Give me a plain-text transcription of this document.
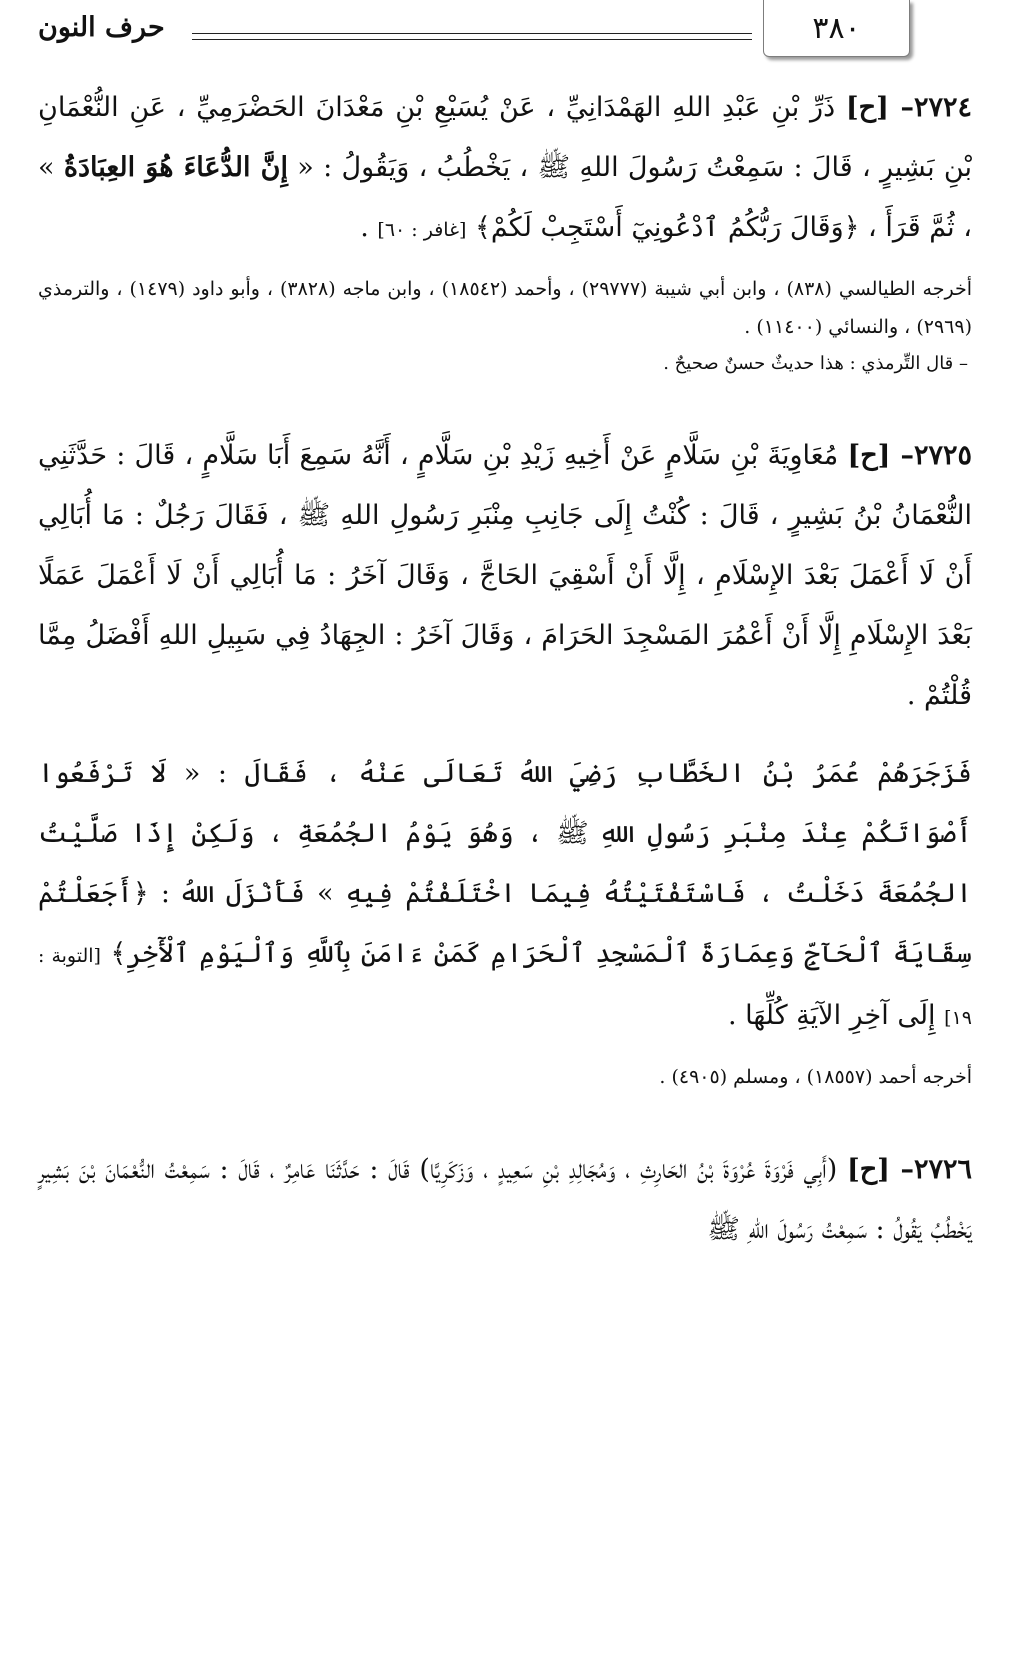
٣٨٠
حرف النون

٢٧٢٤– [ح] ذَرِّ بْنِ عَبْدِ اللهِ الهَمْدَانِيِّ ، عَنْ يُسَيْعِ بْنِ مَعْدَانَ الحَضْرَمِيِّ ، عَنِ النُّعْمَانِ بْنِ بَشِيرٍ ، قَالَ : سَمِعْتُ رَسُولَ اللهِ ﷺ ، يَخْطُبُ ، وَيَقُولُ : « إِنَّ الدُّعَاءَ هُوَ العِبَادَةُ » ، ثُمَّ قَرَأَ ، ﴿وَقَالَ رَبُّكُمُ ٱدْعُونِيٓ أَسْتَجِبْ لَكُمْ﴾ [غافر : ٦٠] .

أخرجه الطيالسي (٨٣٨) ، وابن أبي شيبة (٢٩٧٧٧) ، وأحمد (١٨٥٤٢) ، وابن ماجه (٣٨٢٨) ، وأبو داود (١٤٧٩) ، والترمذي (٢٩٦٩) ، والنسائي (١١٤٠٠) .

– قال التِّرمذي : هذا حديثٌ حسنٌ صحيحٌ .

٢٧٢٥– [ح] مُعَاوِيَةَ بْنِ سَلَّامٍ عَنْ أَخِيهِ زَيْدِ بْنِ سَلَّامٍ ، أَنَّهُ سَمِعَ أَبَا سَلَّامٍ ، قَالَ : حَدَّثَنِي النُّعْمَانُ بْنُ بَشِيرٍ ، قَالَ : كُنْتُ إِلَى جَانِبِ مِنْبَرِ رَسُولِ اللهِ ﷺ ، فَقَالَ رَجُلٌ : مَا أُبَالِي أَنْ لَا أَعْمَلَ بَعْدَ الإِسْلَامِ ، إِلَّا أَنْ أَسْقِيَ الحَاجَّ ، وَقَالَ آخَرُ : مَا أُبَالِي أَنْ لَا أَعْمَلَ عَمَلًا بَعْدَ الإِسْلَامِ إِلَّا أَنْ أَعْمُرَ المَسْجِدَ الحَرَامَ ، وَقَالَ آخَرُ : الجِهَادُ فِي سَبِيلِ اللهِ أَفْضَلُ مِمَّا قُلْتُمْ .

فَزَجَرَهُمْ عُمَرُ بْنُ الخَطَّابِ رَضِيَ اللهُ تَعَالَى عَنْهُ ، فَقَالَ : « لَا تَرْفَعُوا أَصْوَاتَكُمْ عِنْدَ مِنْبَرِ رَسُولِ اللهِ ﷺ ، وَهُوَ يَوْمُ الجُمُعَةِ ، وَلَكِنْ إِذَا صَلَّيْتُ الجُمُعَةَ دَخَلْتُ ، فَاسْتَفْتَيْتُهُ فِيمَا اخْتَلَفْتُمْ فِيهِ » فَأَنْزَلَ اللهُ : ﴿أَجَعَلْتُمْ سِقَايَةَ ٱلْحَآجِّ وَعِمَارَةَ ٱلْمَسْجِدِ ٱلْحَرَامِ كَمَنْ ءَامَنَ بِٱللَّهِ وَٱلْيَوْمِ ٱلْأٓخِرِ﴾ [التوبة : ١٩] إِلَى آخِرِ الآيَةِ كُلِّهَا .

أخرجه أحمد (١٨٥٥٧) ، ومسلم (٤٩٠٥) .

٢٧٢٦– [ح] (أَبِي فَرْوَةَ عُرْوَةَ بْنُ الحَارِثِ ، وَمُجَالِدِ بْنِ سَعِيدٍ ، وَزَكَرِيَّا) قَالَ : حَدَّثَنَا عَامِرٌ ، قَالَ : سَمِعْتُ النُّعْمَانَ بْنَ بَشِيرٍ يَخْطُبُ يَقُولُ : سَمِعْتُ رَسُولَ اللهِ ﷺ
